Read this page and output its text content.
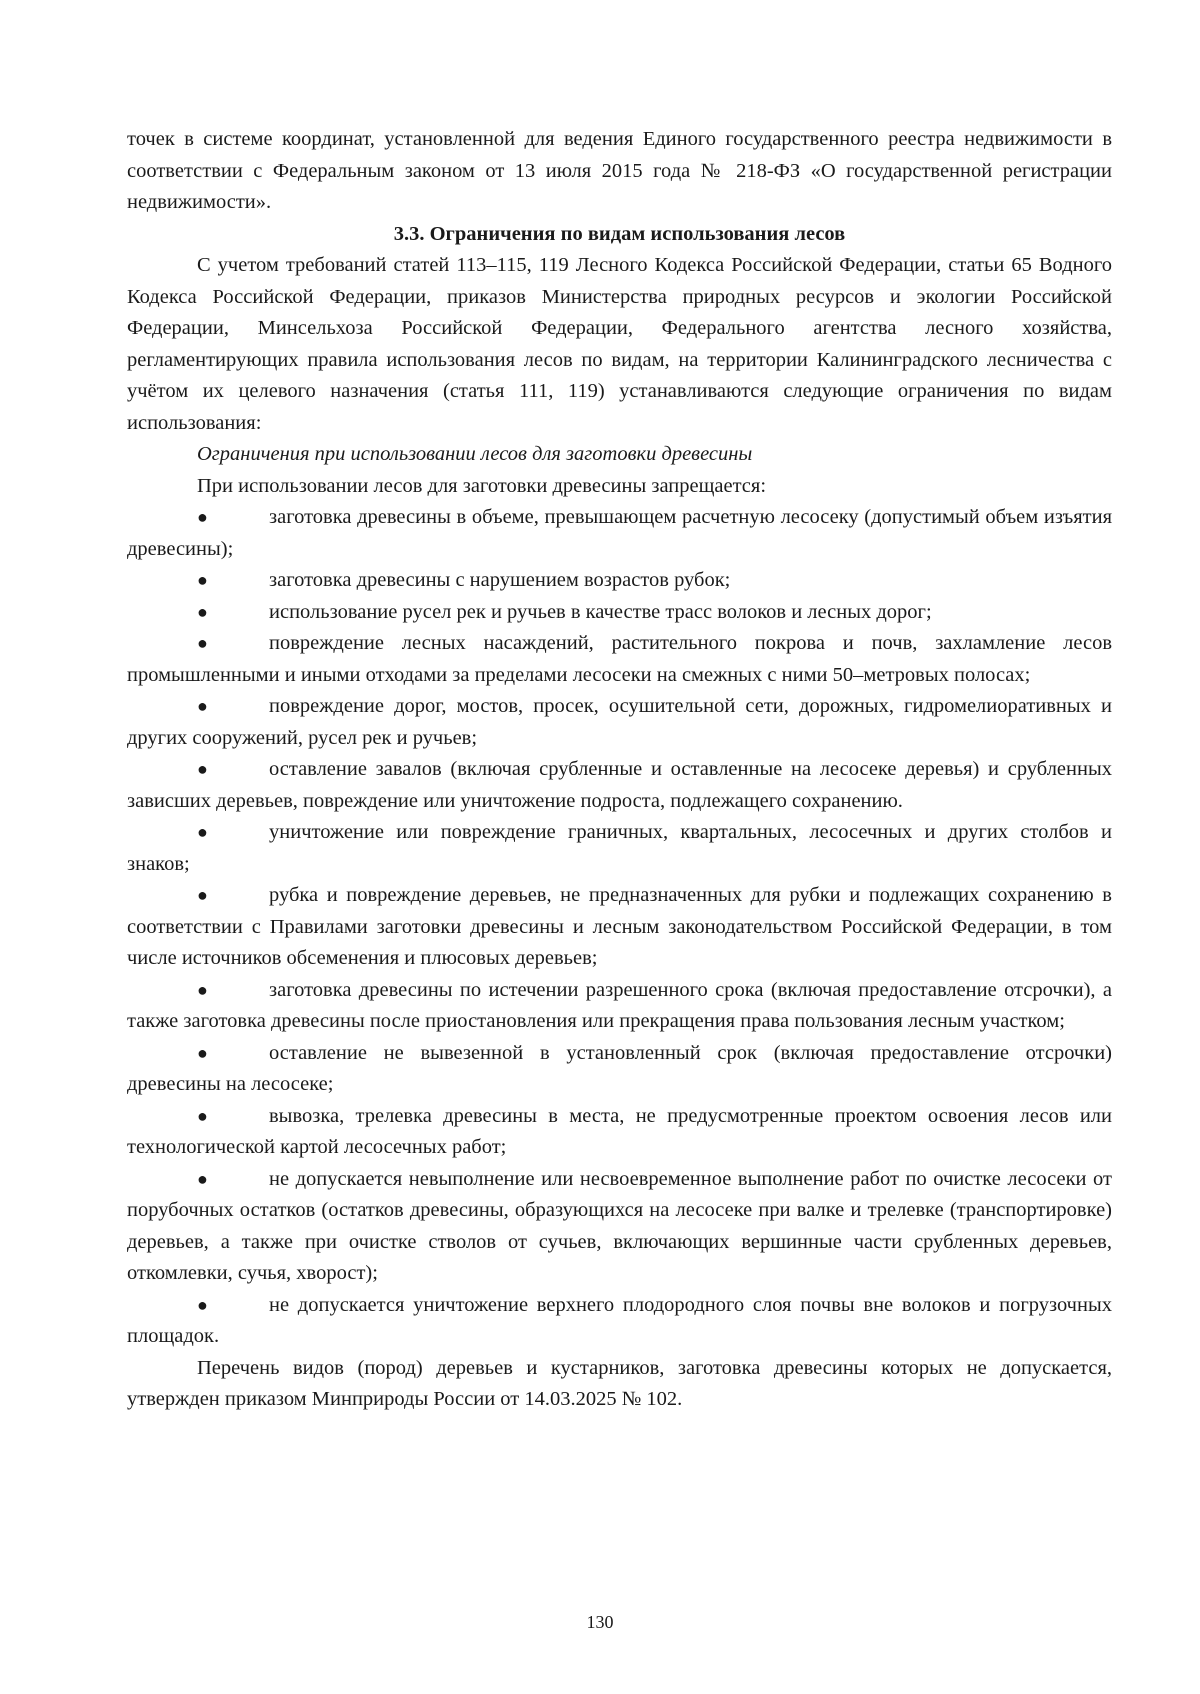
точек в системе координат, установленной для ведения Единого государственного реестра недвижимости в соответствии с Федеральным законом от 13 июля 2015 года № 218-ФЗ «О государственной регистрации недвижимости».

3.3. Ограничения по видам использования лесов

С учетом требований статей 113–115, 119 Лесного Кодекса Российской Федерации, статьи 65 Водного Кодекса Российской Федерации, приказов Министерства природных ресурсов и экологии Российской Федерации, Минсельхоза Российской Федерации, Федерального агентства лесного хозяйства, регламентирующих правила использования лесов по видам, на территории Калининградского лесничества с учётом их целевого назначения (статья 111, 119) устанавливаются следующие ограничения по видам использования:

Ограничения при использовании лесов для заготовки древесины

При использовании лесов для заготовки древесины запрещается:

●	заготовка древесины в объеме, превышающем расчетную лесосеку (допустимый объем изъятия древесины);

●	заготовка древесины с нарушением возрастов рубок;

●	использование русел рек и ручьев в качестве трасс волоков и лесных дорог;

●	повреждение лесных насаждений, растительного покрова и почв, захламление лесов промышленными и иными отходами за пределами лесосеки на смежных с ними 50–метровых полосах;

●	повреждение дорог, мостов, просек, осушительной сети, дорожных, гидромелиоративных и других сооружений, русел рек и ручьев;

●	оставление завалов (включая срубленные и оставленные на лесосеке деревья) и срубленных зависших деревьев, повреждение или уничтожение подроста, подлежащего сохранению.

●	уничтожение или повреждение граничных, квартальных, лесосечных и других столбов и знаков;

●	рубка и повреждение деревьев, не предназначенных для рубки и подлежащих сохранению в соответствии с Правилами заготовки древесины и лесным законодательством Российской Федерации, в том числе источников обсеменения и плюсовых деревьев;

●	заготовка древесины по истечении разрешенного срока (включая предоставление отсрочки), а также заготовка древесины после приостановления или прекращения права пользования лесным участком;

●	оставление не вывезенной в установленный срок (включая предоставление отсрочки) древесины на лесосеке;

●	вывозка, трелевка древесины в места, не предусмотренные проектом освоения лесов или технологической картой лесосечных работ;

●	не допускается невыполнение или несвоевременное выполнение работ по очистке лесосеки от порубочных остатков (остатков древесины, образующихся на лесосеке при валке и трелевке (транспортировке) деревьев, а также при очистке стволов от сучьев, включающих вершинные части срубленных деревьев, откомлевки, сучья, хворост);

●	не допускается уничтожение верхнего плодородного слоя почвы вне волоков и погрузочных площадок.

Перечень видов (пород) деревьев и кустарников, заготовка древесины которых не допускается, утвержден приказом Минприроды России от 14.03.2025 № 102.

130
